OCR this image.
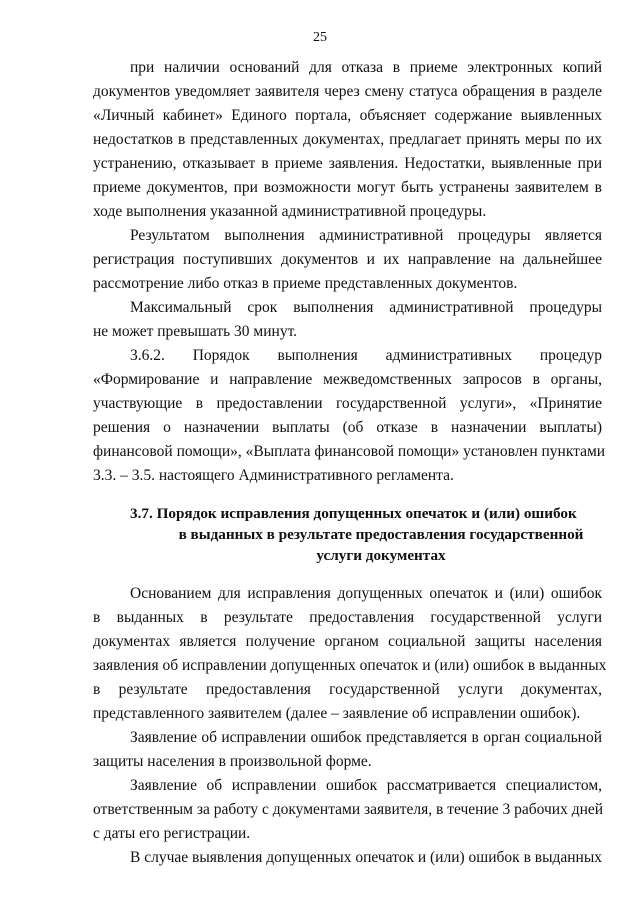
25
при наличии оснований для отказа в приеме электронных копий
документов уведомляет заявителя через смену статуса обращения в разделе
«Личный кабинет» Единого портала, объясняет содержание выявленных
недостатков в представленных документах, предлагает принять меры по их
устранению, отказывает в приеме заявления. Недостатки, выявленные при
приеме документов, при возможности могут быть устранены заявителем в
ходе выполнения указанной административной процедуры.
Результатом выполнения административной процедуры является
регистрация поступивших документов и их направление на дальнейшее
рассмотрение либо отказ в приеме представленных документов.
Максимальный срок выполнения административной процедуры
не может превышать 30 минут.
3.6.2. Порядок выполнения административных процедур
«Формирование и направление межведомственных запросов в органы,
участвующие в предоставлении государственной услуги», «Принятие
решения о назначении выплаты (об отказе в назначении выплаты)
финансовой помощи», «Выплата финансовой помощи» установлен пунктами
3.3. – 3.5. настоящего Административного регламента.
3.7. Порядок исправления допущенных опечаток и (или) ошибок
в выданных в результате предоставления государственной
услуги документах
Основанием для исправления допущенных опечаток и (или) ошибок
в выданных в результате предоставления государственной услуги
документах является получение органом социальной защиты населения
заявления об исправлении допущенных опечаток и (или) ошибок в выданных
в результате предоставления государственной услуги документах,
представленного заявителем (далее – заявление об исправлении ошибок).
Заявление об исправлении ошибок представляется в орган социальной
защиты населения в произвольной форме.
Заявление об исправлении ошибок рассматривается специалистом,
ответственным за работу с документами заявителя, в течение 3 рабочих дней
с даты его регистрации.
В случае выявления допущенных опечаток и (или) ошибок в выданных
